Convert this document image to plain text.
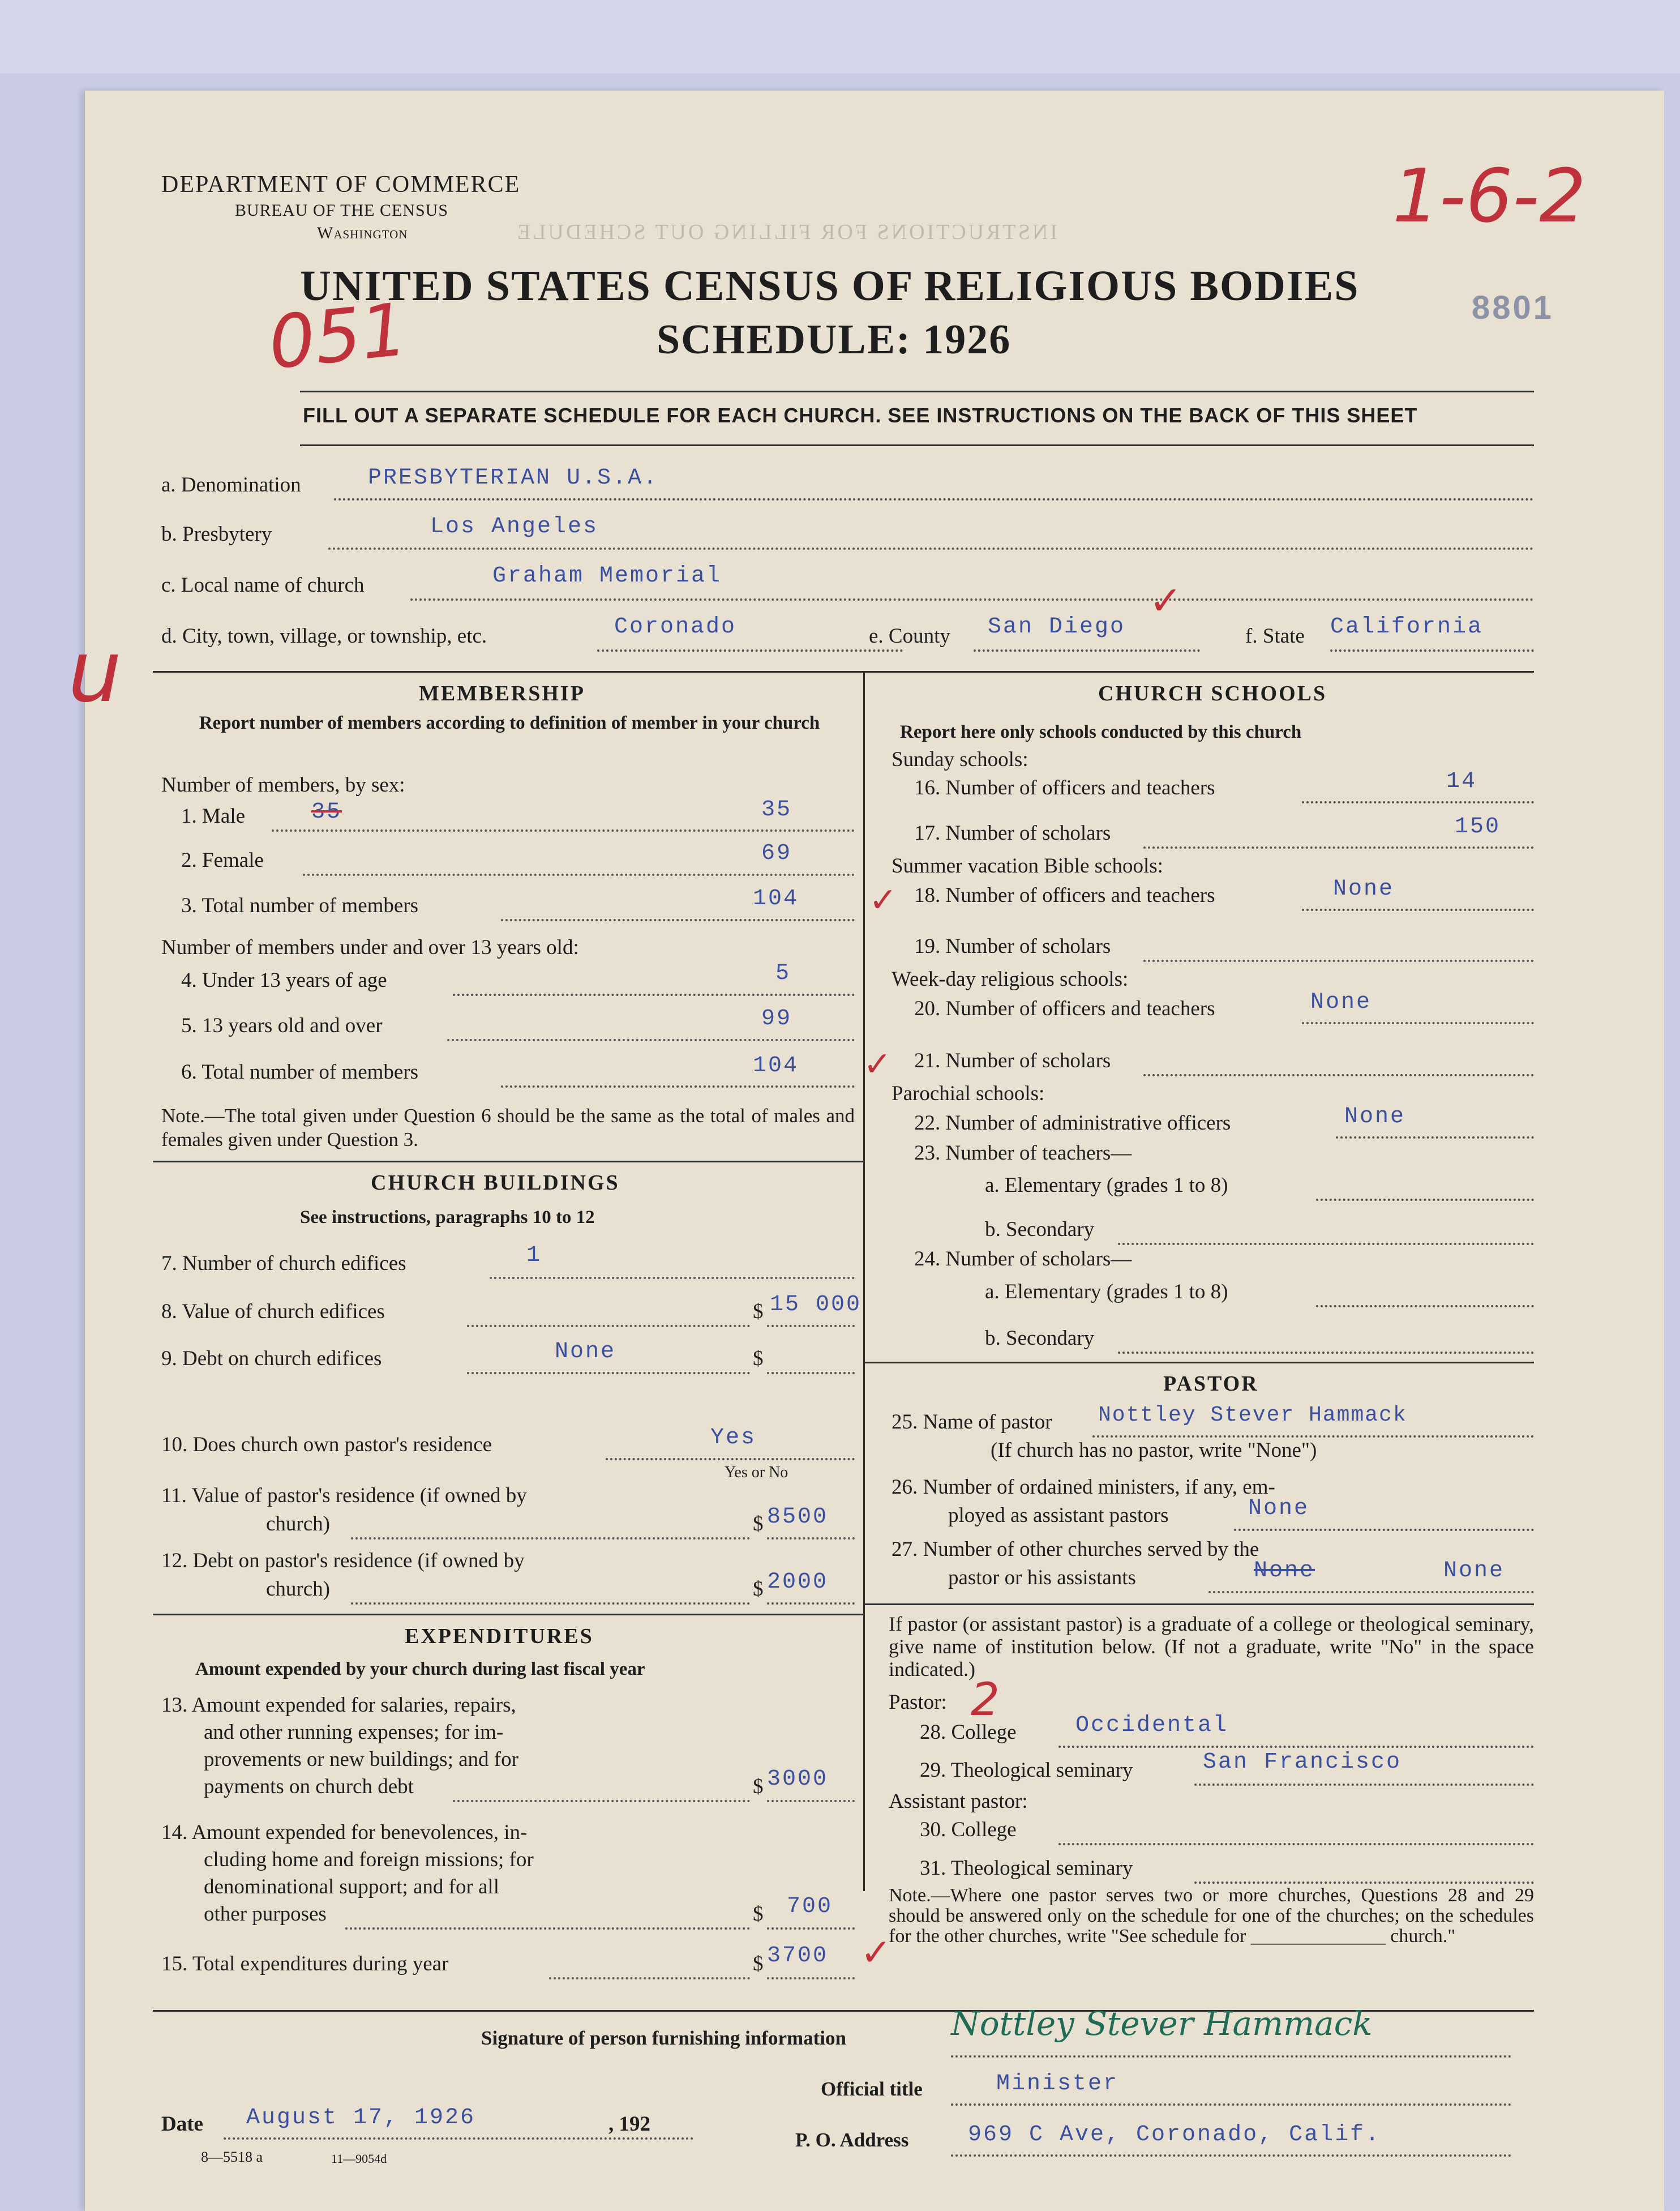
INSTRUCTIONS FOR FILLING OUT SCHEDULE
8801
DEPARTMENT OF COMMERCE
BUREAU OF THE CENSUS
Washington	1-6-2
051
u
UNITED STATES CENSUS OF RELIGIOUS BODIES
SCHEDULE: 1926
FILL OUT A SEPARATE SCHEDULE FOR EACH CHURCH. SEE INSTRUCTIONS ON THE BACK OF THIS SHEET
a. Denomination	PRESBYTERIAN U.S.A.
b. Presbytery	Los Angeles
c. Local name of church	Graham Memorial
d. City, town, village, or township, etc.	Coronado	e. County San Diego	f. State California
✓
MEMBERSHIP
Report number of members according to definition of member in your church
Number of members, by sex:
1. Male	35	35
2. Female	69
3. Total number of members	104 ✓
Number of members under and over 13 years old:
4. Under 13 years of age	5
5. 13 years old and over	99
6. Total number of members	104 ✓
Note.—The total given under Question 6 should be the same as the total of males and females given under Question 3.
CHURCH BUILDINGS
See instructions, paragraphs 10 to 12
7. Number of church edifices	1
8. Value of church edifices	$ 15 000
9. Debt on church edifices	None	$
10. Does church own pastor's residence	Yes
Yes or No
11. Value of pastor's residence (if owned by
church)	$ 8500
12. Debt on pastor's residence (if owned by
church)	$ 2000
EXPENDITURES
Amount expended by your church during last fiscal year
13. Amount expended for salaries, repairs,
and other running expenses; for im-
provements or new buildings; and for
payments on church debt	$ 3000
14. Amount expended for benevolences, in-
cluding home and foreign missions; for
denominational support; and for all
other purposes	$ 700
15. Total expenditures during year	$ 3700 ✓
CHURCH SCHOOLS
Report here only schools conducted by this church
Sunday schools:
16. Number of officers and teachers	14
17. Number of scholars	150
Summer vacation Bible schools:
18. Number of officers and teachers	None
19. Number of scholars
Week-day religious schools:
20. Number of officers and teachers	None
21. Number of scholars
Parochial schools:
22. Number of administrative officers	None
23. Number of teachers—
a. Elementary (grades 1 to 8)
b. Secondary
24. Number of scholars—
a. Elementary (grades 1 to 8)
b. Secondary
PASTOR
25. Name of pastor Nottley Stever Hammack
(If church has no pastor, write "None")
26. Number of ordained ministers, if any, em-
ployed as assistant pastors	None
27. Number of other churches served by the
pastor or his assistants	None	None
If pastor (or assistant pastor) is a graduate of a college or theological seminary, give name of institution below. (If not a graduate, write "No" in the space indicated.)
Pastor: 2
28. College	Occidental
29. Theological seminary	San Francisco
Assistant pastor:
30. College
31. Theological seminary
Note.—Where one pastor serves two or more churches, Questions 28 and 29 should be answered only on the schedule for one of the churches; on the schedules for the other churches, write "See schedule for ______________ church."
Signature of person furnishing information	Nottley Stever Hammack
Official title	Minister
Date August 17, 1926	, 192
P. O. Address	969 C Ave, Coronado, Calif.
8—5518 a	11—9054d
